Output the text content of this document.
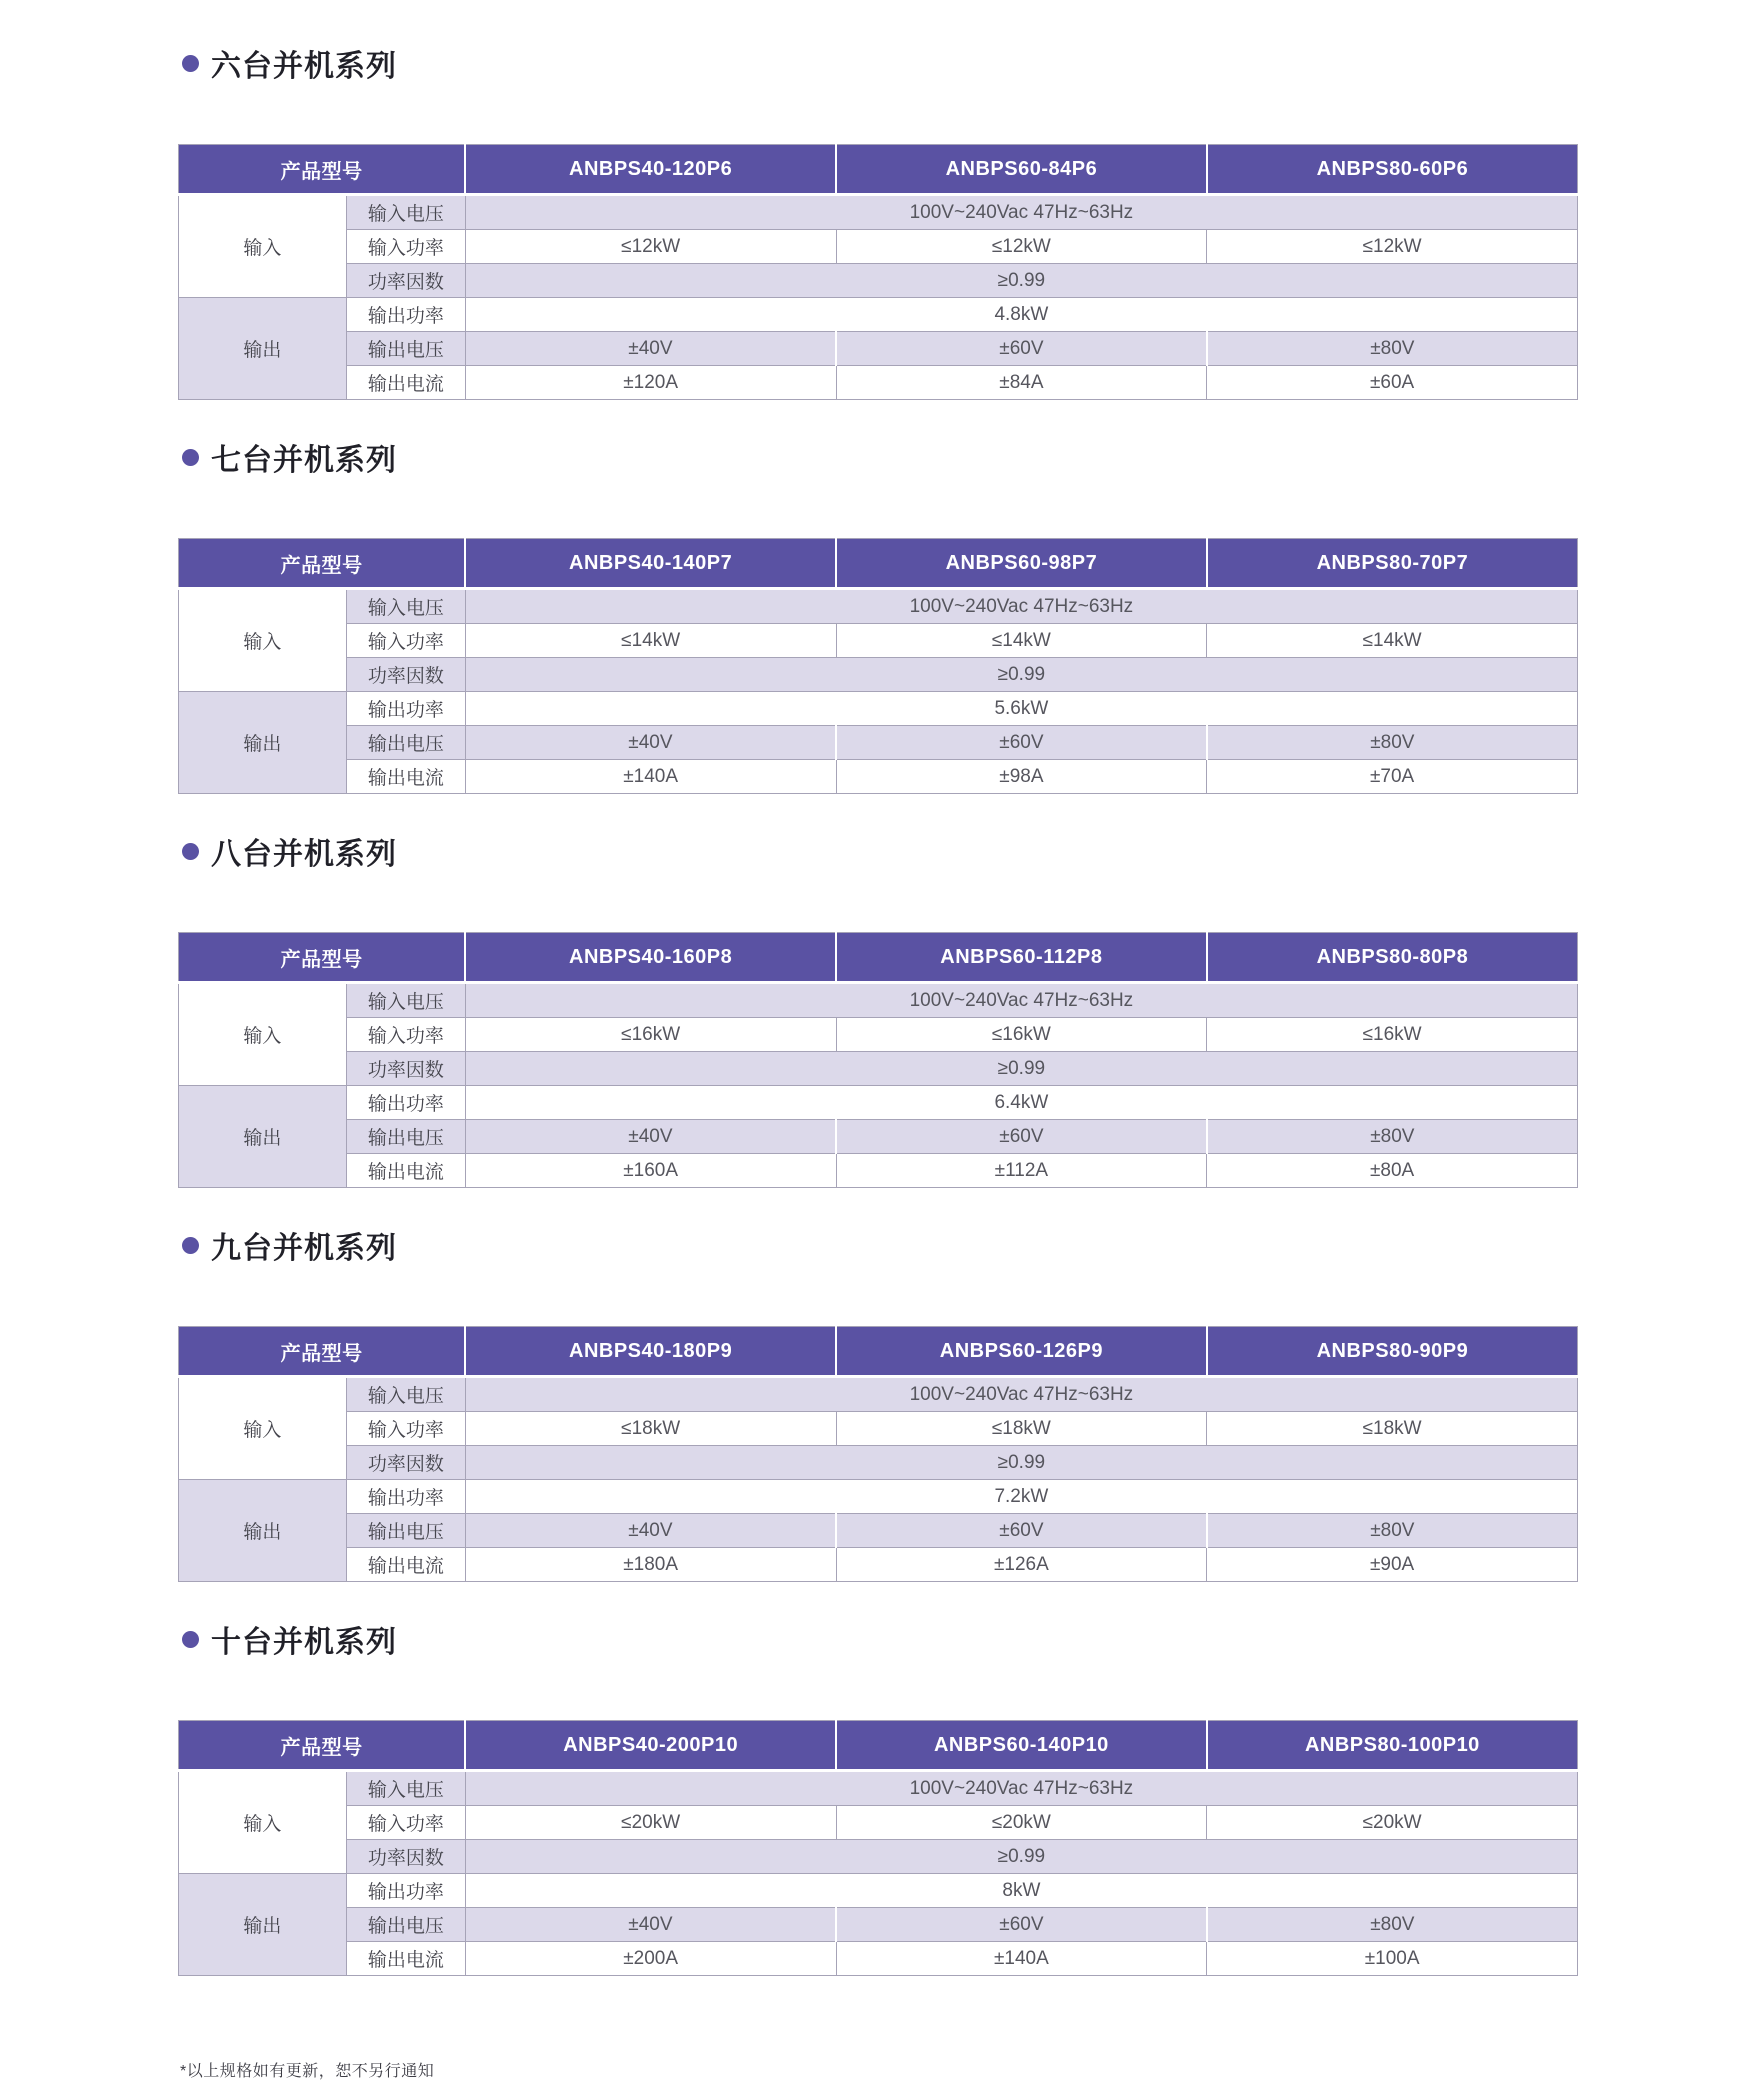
六台并机系列
产品型号		ANBPS40-120P6	ANBPS60-84P6	ANBPS80-60P6
输入	输入电压	100V~240Vac 47Hz~63Hz		
	输入功率	≤12kW	≤12kW	≤12kW
	功率因数	≥0.99		
输出	输出功率	4.8kW		
	输出电压	±40V	±60V	±80V
	输出电流	±120A	±84A	±60A
七台并机系列
产品型号		ANBPS40-140P7	ANBPS60-98P7	ANBPS80-70P7
输入	输入电压	100V~240Vac 47Hz~63Hz		
	输入功率	≤14kW	≤14kW	≤14kW
	功率因数	≥0.99		
输出	输出功率	5.6kW		
	输出电压	±40V	±60V	±80V
	输出电流	±140A	±98A	±70A
八台并机系列
产品型号		ANBPS40-160P8	ANBPS60-112P8	ANBPS80-80P8
输入	输入电压	100V~240Vac 47Hz~63Hz		
	输入功率	≤16kW	≤16kW	≤16kW
	功率因数	≥0.99		
输出	输出功率	6.4kW		
	输出电压	±40V	±60V	±80V
	输出电流	±160A	±112A	±80A
九台并机系列
产品型号		ANBPS40-180P9	ANBPS60-126P9	ANBPS80-90P9
输入	输入电压	100V~240Vac 47Hz~63Hz		
	输入功率	≤18kW	≤18kW	≤18kW
	功率因数	≥0.99		
输出	输出功率	7.2kW		
	输出电压	±40V	±60V	±80V
	输出电流	±180A	±126A	±90A
十台并机系列
产品型号		ANBPS40-200P10	ANBPS60-140P10	ANBPS80-100P10
输入	输入电压	100V~240Vac 47Hz~63Hz		
	输入功率	≤20kW	≤20kW	≤20kW
	功率因数	≥0.99		
输出	输出功率	8kW		
	输出电压	±40V	±60V	±80V
	输出电流	±200A	±140A	±100A
*以上规格如有更新，恕不另行通知
